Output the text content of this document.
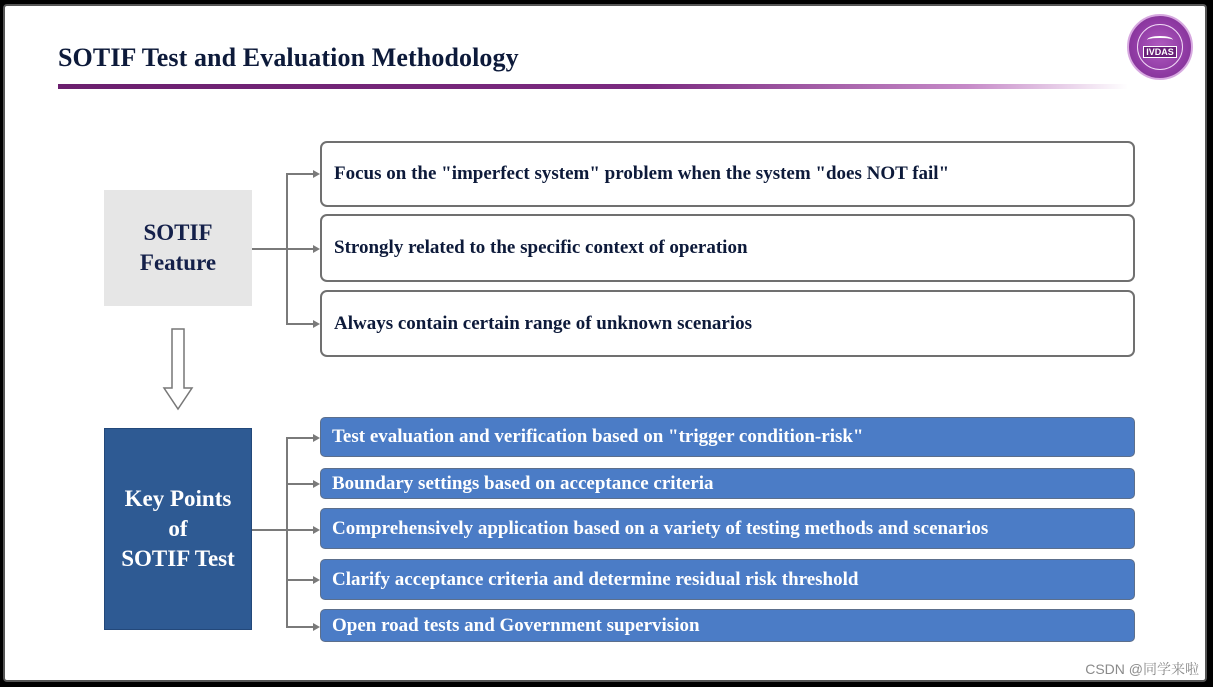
SOTIF Test and Evaluation Methodology	IVDAS
SOTIF
Feature
Focus on the "imperfect system" problem when the system "does NOT fail"
Strongly related to the specific context of operation
Always contain certain range of unknown scenarios
Key Points
of
SOTIF Test
Test evaluation and verification based on "trigger condition-risk"
Boundary settings based on acceptance criteria
Comprehensively application based on a variety of testing methods and scenarios
Clarify acceptance criteria and determine residual risk threshold
Open road tests and Government supervision
CSDN @同学来啦
